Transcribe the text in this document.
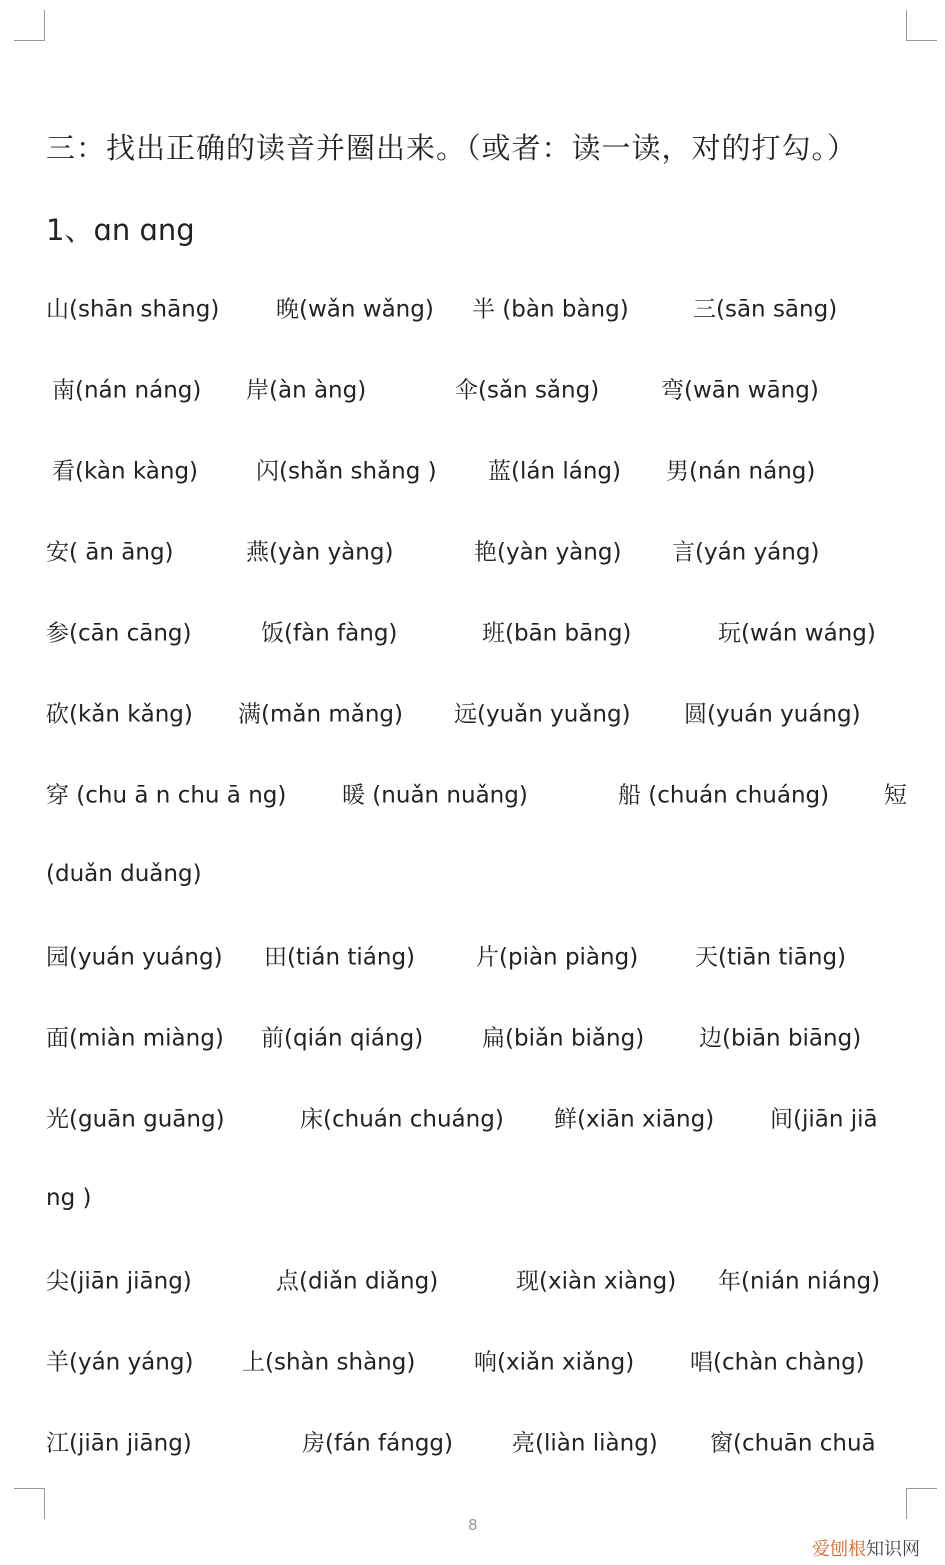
三：找出正确的读音并圈出来。（或者：读一读，对的打勾。）
1、ɑn ɑng
山(shān shāng) 晚(wǎn wǎng) 半 (bàn bàng)	三(sān sāng)
南(nán náng) 岸(àn àng)	伞(sǎn sǎng)	弯(wān wāng)
看(kàn kàng)	闪(shǎn shǎng ) 蓝(lán láng) 男(nán náng)
安( ān āng)	燕(yàn yàng)	艳(yàn yàng) 言(yán yáng)
参(cān cāng)	饭(fàn fàng)	班(bān bāng)	玩(wán wáng)
砍(kǎn kǎng) 满(mǎn mǎng) 远(yuǎn yuǎng) 圆(yuán yuáng)
穿 (chu ā n chu ā ng) 暖 (nuǎn nuǎng)	船 (chuán chuáng) 短
(duǎn duǎng)
园(yuán yuáng) 田(tián tiáng)	片(piàn piàng) 天(tiān tiāng)
面(miàn miàng) 前(qián qiáng)	扁(biǎn biǎng) 边(biān biāng)
光(guān guāng)	床(chuán chuáng) 鲜(xiān xiāng) 间(jiān jiā
ng )
尖(jiān jiāng)	点(diǎn diǎng)	现(xiàn xiàng) 年(nián niáng)
羊(yán yáng) 上(shàn shàng)	响(xiǎn xiǎng) 唱(chàn chàng)
江(jiān jiāng)	房(fán fángg)	亮(liàn liàng) 窗(chuān chuā
8
爱刨根知识网
